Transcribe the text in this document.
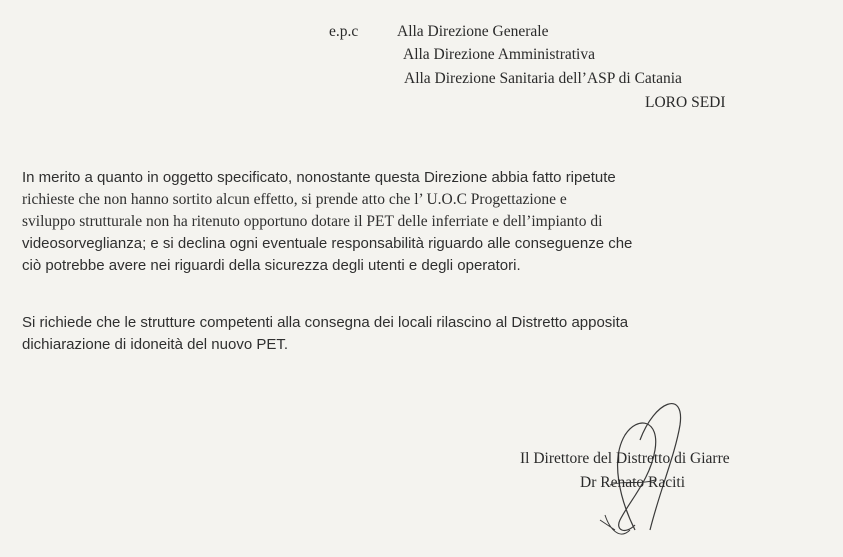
e.p.c Alla Direzione Generale
Alla Direzione Amministrativa
Alla Direzione Sanitaria dell’ASP di Catania
LORO SEDI
In merito a quanto in oggetto specificato, nonostante questa Direzione abbia fatto ripetute
richieste che non hanno sortito alcun effetto, si prende atto che l’ U.O.C Progettazione e
sviluppo strutturale non ha ritenuto opportuno dotare il PET delle inferriate e dell’impianto di
videosorveglianza; e si declina ogni eventuale responsabilità riguardo alle conseguenze che
ciò potrebbe avere nei riguardi della sicurezza degli utenti e degli operatori.
Si richiede che le strutture competenti alla consegna dei locali rilascino al Distretto apposita
dichiarazione di idoneità del nuovo PET.
Il Direttore del Distretto di Giarre
Dr Renato Raciti
